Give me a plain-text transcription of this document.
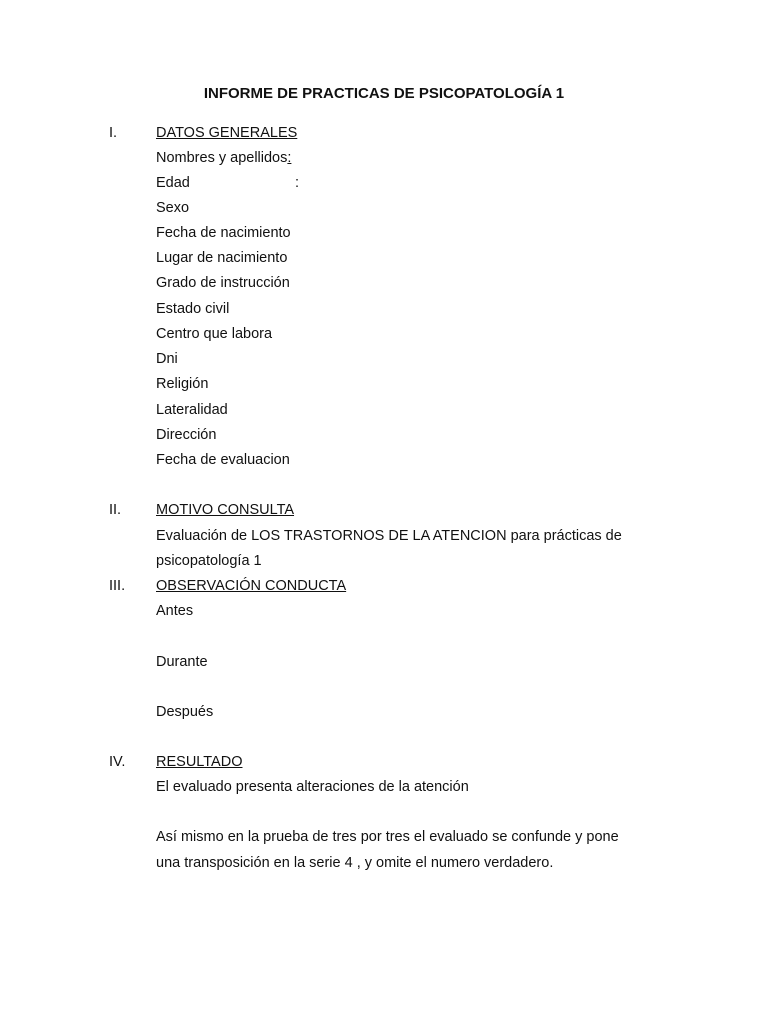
INFORME DE PRACTICAS DE PSICOPATOLOGÍA 1
I.	DATOS GENERALES
Nombres y apellidos:
Edad	:
Sexo
Fecha de nacimiento
Lugar de nacimiento
Grado de instrucción
Estado civil
Centro que labora
Dni
Religión
Lateralidad
Dirección
Fecha de evaluacion
II. MOTIVO CONSULTA
Evaluación de LOS TRASTORNOS DE LA ATENCION para prácticas de
psicopatología 1
III. OBSERVACIÓN CONDUCTA
Antes
Durante
Después
IV. RESULTADO
El evaluado presenta alteraciones de la atención
Así mismo en la prueba de tres por tres el evaluado se confunde y pone
una transposición en la serie 4 , y omite el numero verdadero.
